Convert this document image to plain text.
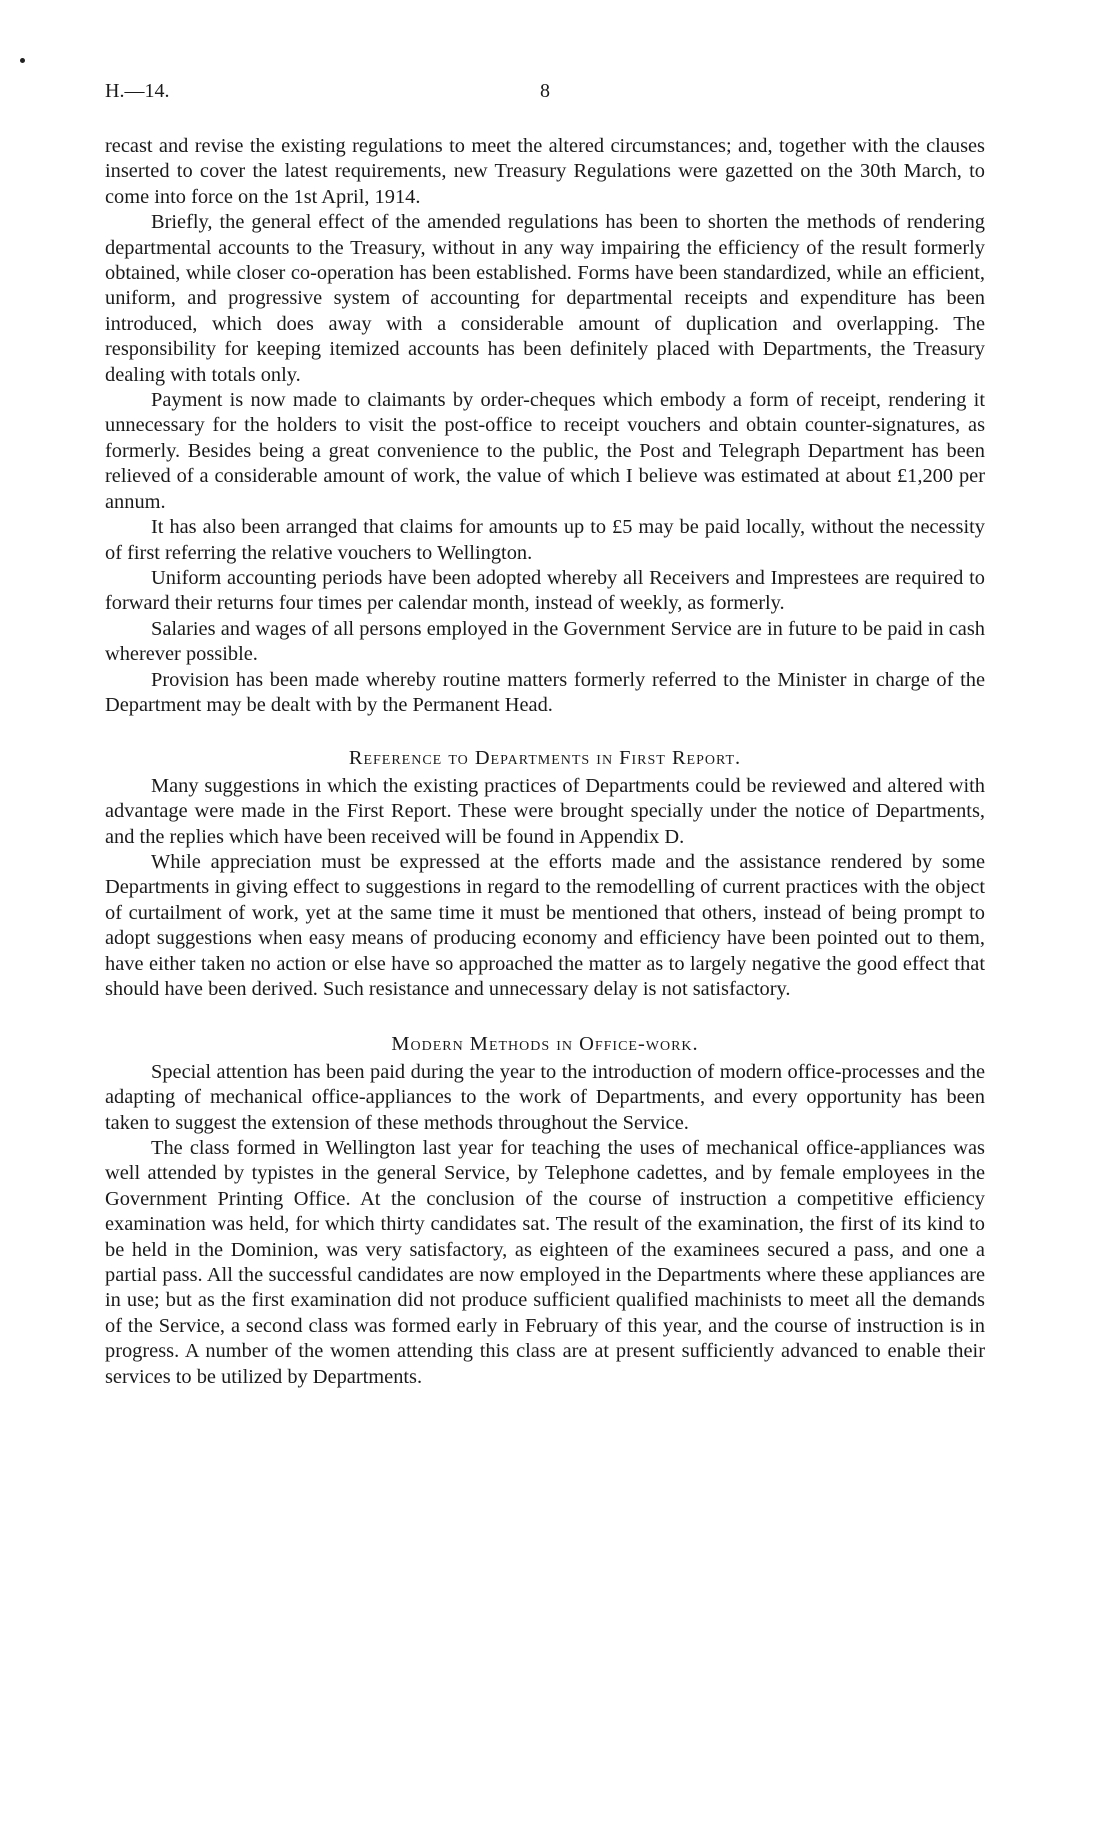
H.—14.	8

recast and revise the existing regulations to meet the altered circumstances; and, together with the clauses inserted to cover the latest requirements, new Treasury Regulations were gazetted on the 30th March, to come into force on the 1st April, 1914.

Briefly, the general effect of the amended regulations has been to shorten the methods of rendering departmental accounts to the Treasury, without in any way impairing the efficiency of the result formerly obtained, while closer co-operation has been established. Forms have been standardized, while an efficient, uniform, and progressive system of accounting for departmental receipts and expenditure has been introduced, which does away with a considerable amount of duplication and overlapping. The responsibility for keeping itemized accounts has been definitely placed with Departments, the Treasury dealing with totals only.

Payment is now made to claimants by order-cheques which embody a form of receipt, rendering it unnecessary for the holders to visit the post-office to receipt vouchers and obtain counter-signatures, as formerly. Besides being a great convenience to the public, the Post and Telegraph Department has been relieved of a considerable amount of work, the value of which I believe was estimated at about £1,200 per annum.

It has also been arranged that claims for amounts up to £5 may be paid locally, without the necessity of first referring the relative vouchers to Wellington.

Uniform accounting periods have been adopted whereby all Receivers and Imprestees are required to forward their returns four times per calendar month, instead of weekly, as formerly.

Salaries and wages of all persons employed in the Government Service are in future to be paid in cash wherever possible.

Provision has been made whereby routine matters formerly referred to the Minister in charge of the Department may be dealt with by the Permanent Head.

Reference to Departments in First Report.

Many suggestions in which the existing practices of Departments could be reviewed and altered with advantage were made in the First Report. These were brought specially under the notice of Departments, and the replies which have been received will be found in Appendix D.

While appreciation must be expressed at the efforts made and the assistance rendered by some Departments in giving effect to suggestions in regard to the remodelling of current practices with the object of curtailment of work, yet at the same time it must be mentioned that others, instead of being prompt to adopt suggestions when easy means of producing economy and efficiency have been pointed out to them, have either taken no action or else have so approached the matter as to largely negative the good effect that should have been derived. Such resistance and unnecessary delay is not satisfactory.

Modern Methods in Office-work.

Special attention has been paid during the year to the introduction of modern office-processes and the adapting of mechanical office-appliances to the work of Departments, and every opportunity has been taken to suggest the extension of these methods throughout the Service.

The class formed in Wellington last year for teaching the uses of mechanical office-appliances was well attended by typistes in the general Service, by Telephone cadettes, and by female employees in the Government Printing Office. At the conclusion of the course of instruction a competitive efficiency examination was held, for which thirty candidates sat. The result of the examination, the first of its kind to be held in the Dominion, was very satisfactory, as eighteen of the examinees secured a pass, and one a partial pass. All the successful candidates are now employed in the Departments where these appliances are in use; but as the first examination did not produce sufficient qualified machinists to meet all the demands of the Service, a second class was formed early in February of this year, and the course of instruction is in progress. A number of the women attending this class are at present sufficiently advanced to enable their services to be utilized by Departments.
